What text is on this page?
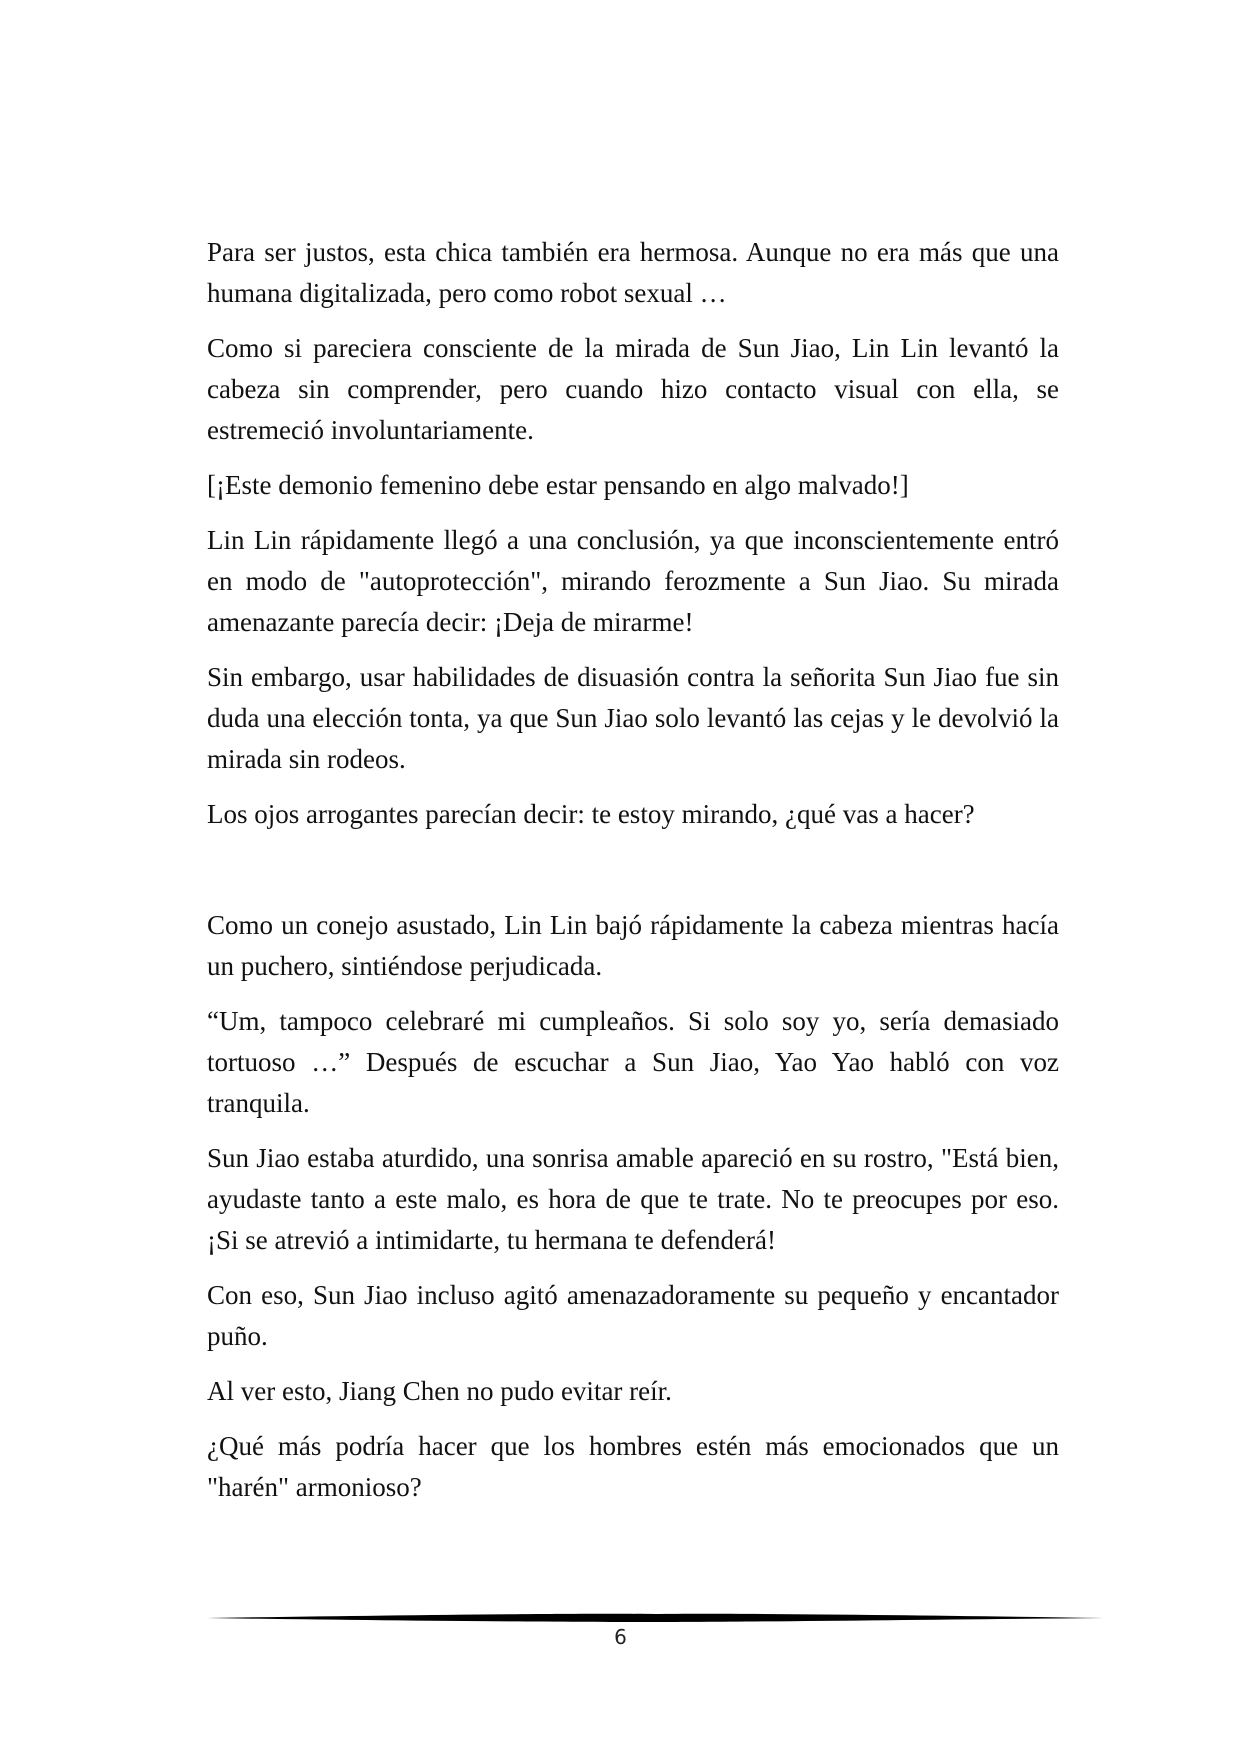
Para ser justos, esta chica también era hermosa. Aunque no era más que una humana digitalizada, pero como robot sexual …

Como si pareciera consciente de la mirada de Sun Jiao, Lin Lin levantó la cabeza sin comprender, pero cuando hizo contacto visual con ella, se estremeció involuntariamente.

[¡Este demonio femenino debe estar pensando en algo malvado!]

Lin Lin rápidamente llegó a una conclusión, ya que inconscientemente entró en modo de "autoprotección", mirando ferozmente a Sun Jiao. Su mirada amenazante parecía decir: ¡Deja de mirarme!

Sin embargo, usar habilidades de disuasión contra la señorita Sun Jiao fue sin duda una elección tonta, ya que Sun Jiao solo levantó las cejas y le devolvió la mirada sin rodeos.

Los ojos arrogantes parecían decir: te estoy mirando, ¿qué vas a hacer?

Como un conejo asustado, Lin Lin bajó rápidamente la cabeza mientras hacía un puchero, sintiéndose perjudicada.

“Um, tampoco celebraré mi cumpleaños. Si solo soy yo, sería demasiado tortuoso …” Después de escuchar a Sun Jiao, Yao Yao habló con voz tranquila.

Sun Jiao estaba aturdido, una sonrisa amable apareció en su rostro, "Está bien, ayudaste tanto a este malo, es hora de que te trate. No te preocupes por eso. ¡Si se atrevió a intimidarte, tu hermana te defenderá!

Con eso, Sun Jiao incluso agitó amenazadoramente su pequeño y encantador puño.

Al ver esto, Jiang Chen no pudo evitar reír.

¿Qué más podría hacer que los hombres estén más emocionados que un "harén" armonioso?

6
